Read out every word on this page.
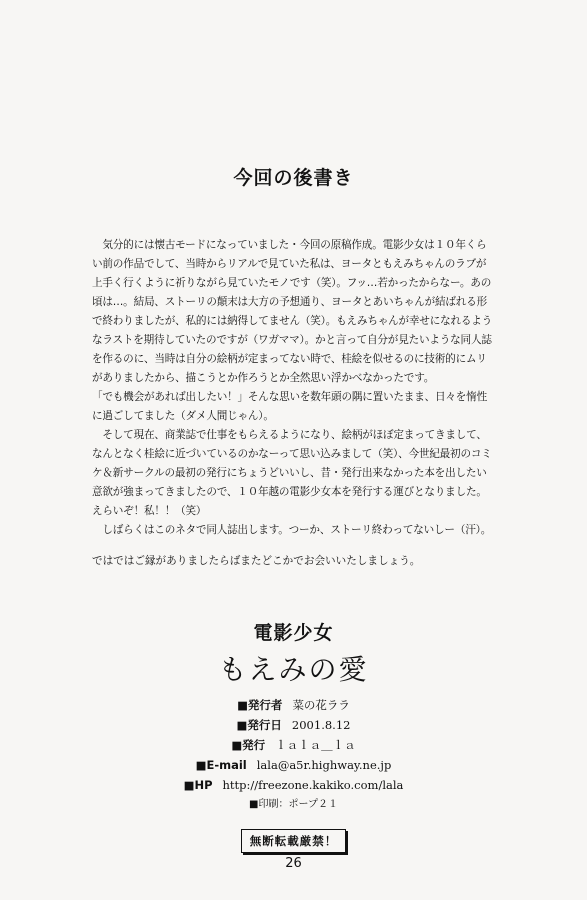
今回の後書き
　気分的には懐古モードになっていました・今回の原稿作成。電影少女は１０年くら
い前の作品でして、当時からリアルで見ていた私は、ヨータともえみちゃんのラブが
上手く行くように祈りながら見ていたモノです（笑）。フッ…若かったからなー。あの
頃は…。結局、ストーリの顛末は大方の予想通り、ヨータとあいちゃんが結ばれる形
で終わりましたが、私的には納得してません（笑）。もえみちゃんが幸せになれるよう
なラストを期待していたのですが（ワガママ）。かと言って自分が見たいような同人誌
を作るのに、当時は自分の絵柄が定まってない時で、桂絵を似せるのに技術的にムリ
がありましたから、描こうとか作ろうとか全然思い浮かべなかったです。
「でも機会があれば出したい！」そんな思いを数年頭の隅に置いたまま、日々を惰性
に過ごしてました（ダメ人間じゃん）。
　そして現在、商業誌で仕事をもらえるようになり、絵柄がほぼ定まってきまして、
なんとなく桂絵に近づいているのかなーって思い込みまして（笑）、今世紀最初のコミ
ケ＆新サークルの最初の発行にちょうどいいし、昔・発行出来なかった本を出したい
意欲が強まってきましたので、１０年越の電影少女本を発行する運びとなりました。
えらいぞ！私！！（笑）
　しばらくはこのネタで同人誌出します。つーか、ストーリ終わってないしー（汗）。
ではではご縁がありましたらばまたどこかでお会いいたしましょう。
電影少女
もえみの愛
■発行者 菜の花ララ
■発行日 2001.8.12
■発行 ｌａｌａ＿ｌａ
■E-mail lala@a5r.highway.ne.jp
■HP http://freezone.kakiko.com/lala
■印刷：ポープ２１
無断転載厳禁！
26
